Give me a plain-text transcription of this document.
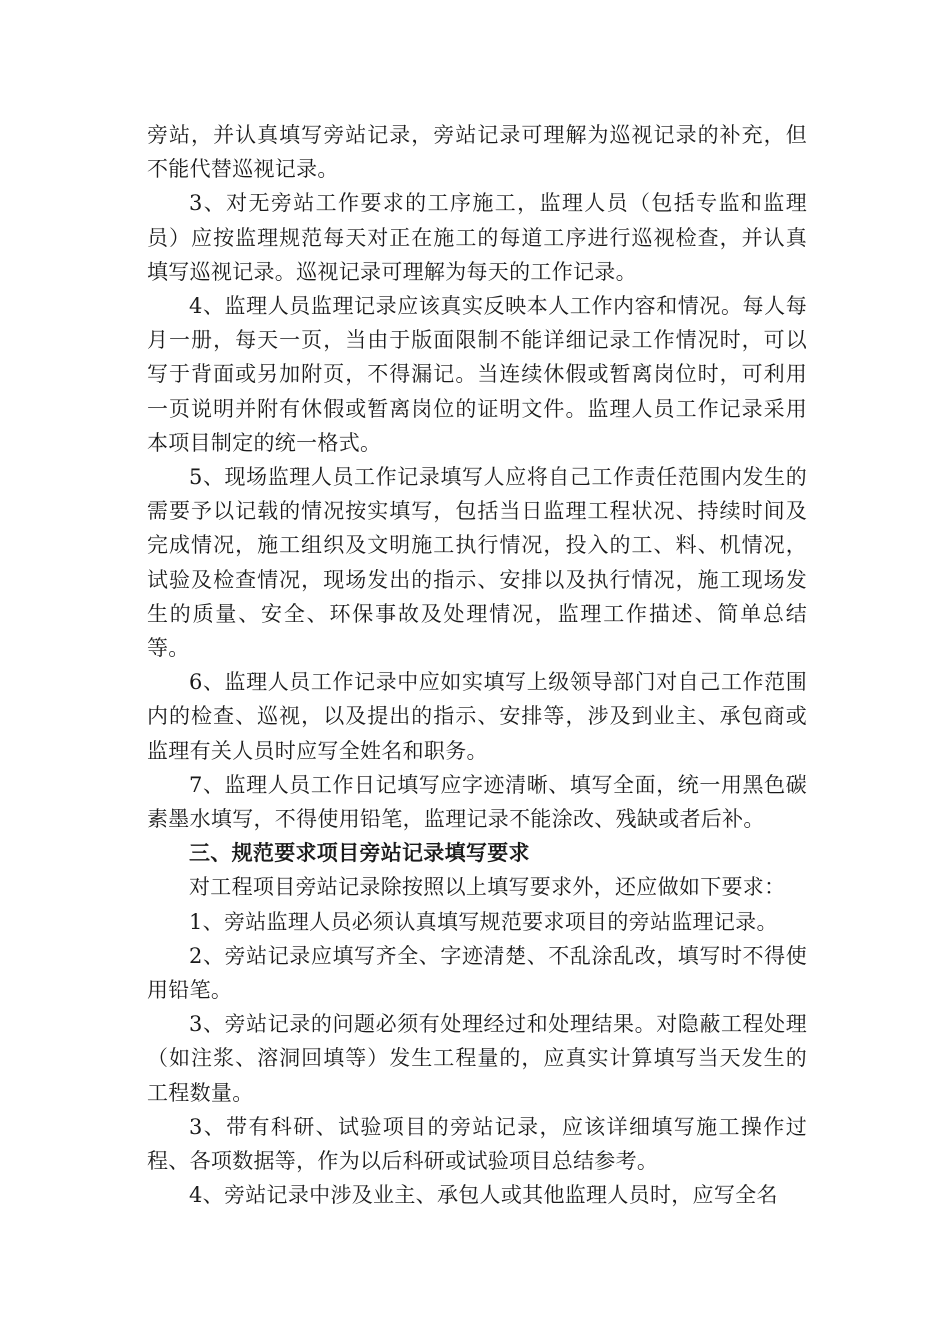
旁站，并认真填写旁站记录，旁站记录可理解为巡视记录的补充，但不能代替巡视记录。

3、对无旁站工作要求的工序施工，监理人员（包括专监和监理员）应按监理规范每天对正在施工的每道工序进行巡视检查，并认真填写巡视记录。巡视记录可理解为每天的工作记录。

4、监理人员监理记录应该真实反映本人工作内容和情况。每人每月一册，每天一页，当由于版面限制不能详细记录工作情况时，可以写于背面或另加附页，不得漏记。当连续休假或暂离岗位时，可利用一页说明并附有休假或暂离岗位的证明文件。监理人员工作记录采用本项目制定的统一格式。

5、现场监理人员工作记录填写人应将自己工作责任范围内发生的需要予以记载的情况按实填写，包括当日监理工程状况、持续时间及完成情况，施工组织及文明施工执行情况，投入的工、料、机情况，试验及检查情况，现场发出的指示、安排以及执行情况，施工现场发生的质量、安全、环保事故及处理情况，监理工作描述、简单总结等。

6、监理人员工作记录中应如实填写上级领导部门对自己工作范围内的检查、巡视，以及提出的指示、安排等，涉及到业主、承包商或监理有关人员时应写全姓名和职务。

7、监理人员工作日记填写应字迹清晰、填写全面，统一用黑色碳素墨水填写，不得使用铅笔，监理记录不能涂改、残缺或者后补。

三、规范要求项目旁站记录填写要求

对工程项目旁站记录除按照以上填写要求外，还应做如下要求：

1、旁站监理人员必须认真填写规范要求项目的旁站监理记录。

2、旁站记录应填写齐全、字迹清楚、不乱涂乱改，填写时不得使用铅笔。

3、旁站记录的问题必须有处理经过和处理结果。对隐蔽工程处理（如注浆、溶洞回填等）发生工程量的，应真实计算填写当天发生的工程数量。

3、带有科研、试验项目的旁站记录，应该详细填写施工操作过程、各项数据等，作为以后科研或试验项目总结参考。

4、旁站记录中涉及业主、承包人或其他监理人员时，应写全名
